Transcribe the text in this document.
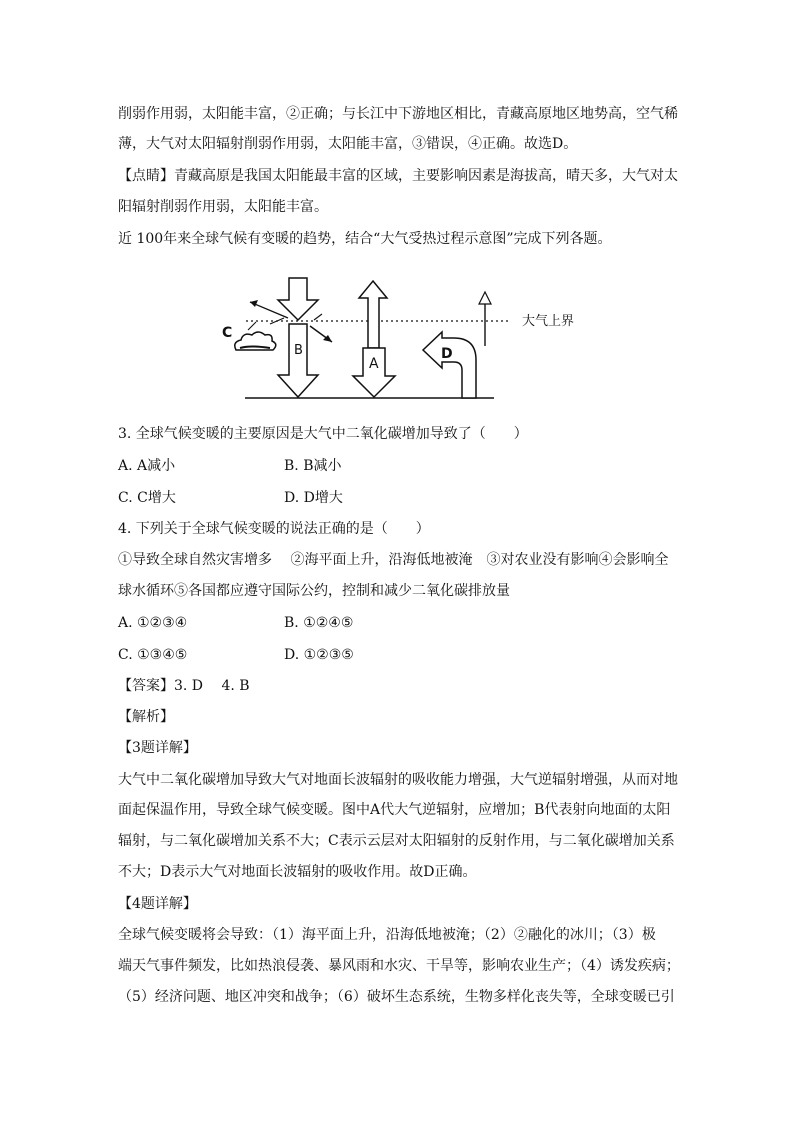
削弱作用弱，太阳能丰富，②正确；与长江中下游地区相比，青藏高原地区地势高，空气稀
薄，大气对太阳辐射削弱作用弱，太阳能丰富，③错误，④正确。故选D。
【点睛】青藏高原是我国太阳能最丰富的区域，主要影响因素是海拔高，晴天多，大气对太
阳辐射削弱作用弱，太阳能丰富。
近 100年来全球气候有变暖的趋势，结合“大气受热过程示意图”完成下列各题。
大气上界
B
C
A
D
3. 全球气候变暖的主要原因是大气中二氧化碳增加导致了（　　）
A. A减小	B. B减小
C. C增大	D. D增大
4. 下列关于全球气候变暖的说法正确的是（　　）
①导致全球自然灾害增多　 ②海平面上升，沿海低地被淹　③对农业没有影响④会影响全
球水循环⑤各国都应遵守国际公约，控制和减少二氧化碳排放量
A. ①②③④	B. ①②④⑤
C. ①③④⑤	D. ①②③⑤
【答案】3. D　 4. B
【解析】
【3题详解】
大气中二氧化碳增加导致大气对地面长波辐射的吸收能力增强，大气逆辐射增强，从而对地
面起保温作用，导致全球气候变暖。图中A代大气逆辐射，应增加；B代表射向地面的太阳
辐射，与二氧化碳增加关系不大；C表示云层对太阳辐射的反射作用，与二氧化碳增加关系
不大；D表示大气对地面长波辐射的吸收作用。故D正确。
【4题详解】
全球气候变暖将会导致：（1）海平面上升，沿海低地被淹；（2）②融化的冰川；（3）极
端天气事件频发，比如热浪侵袭、暴风雨和水灾、干旱等，影响农业生产；（4）诱发疾病；
（5）经济问题、地区冲突和战争；（6）破坏生态系统，生物多样化丧失等，全球变暖已引
